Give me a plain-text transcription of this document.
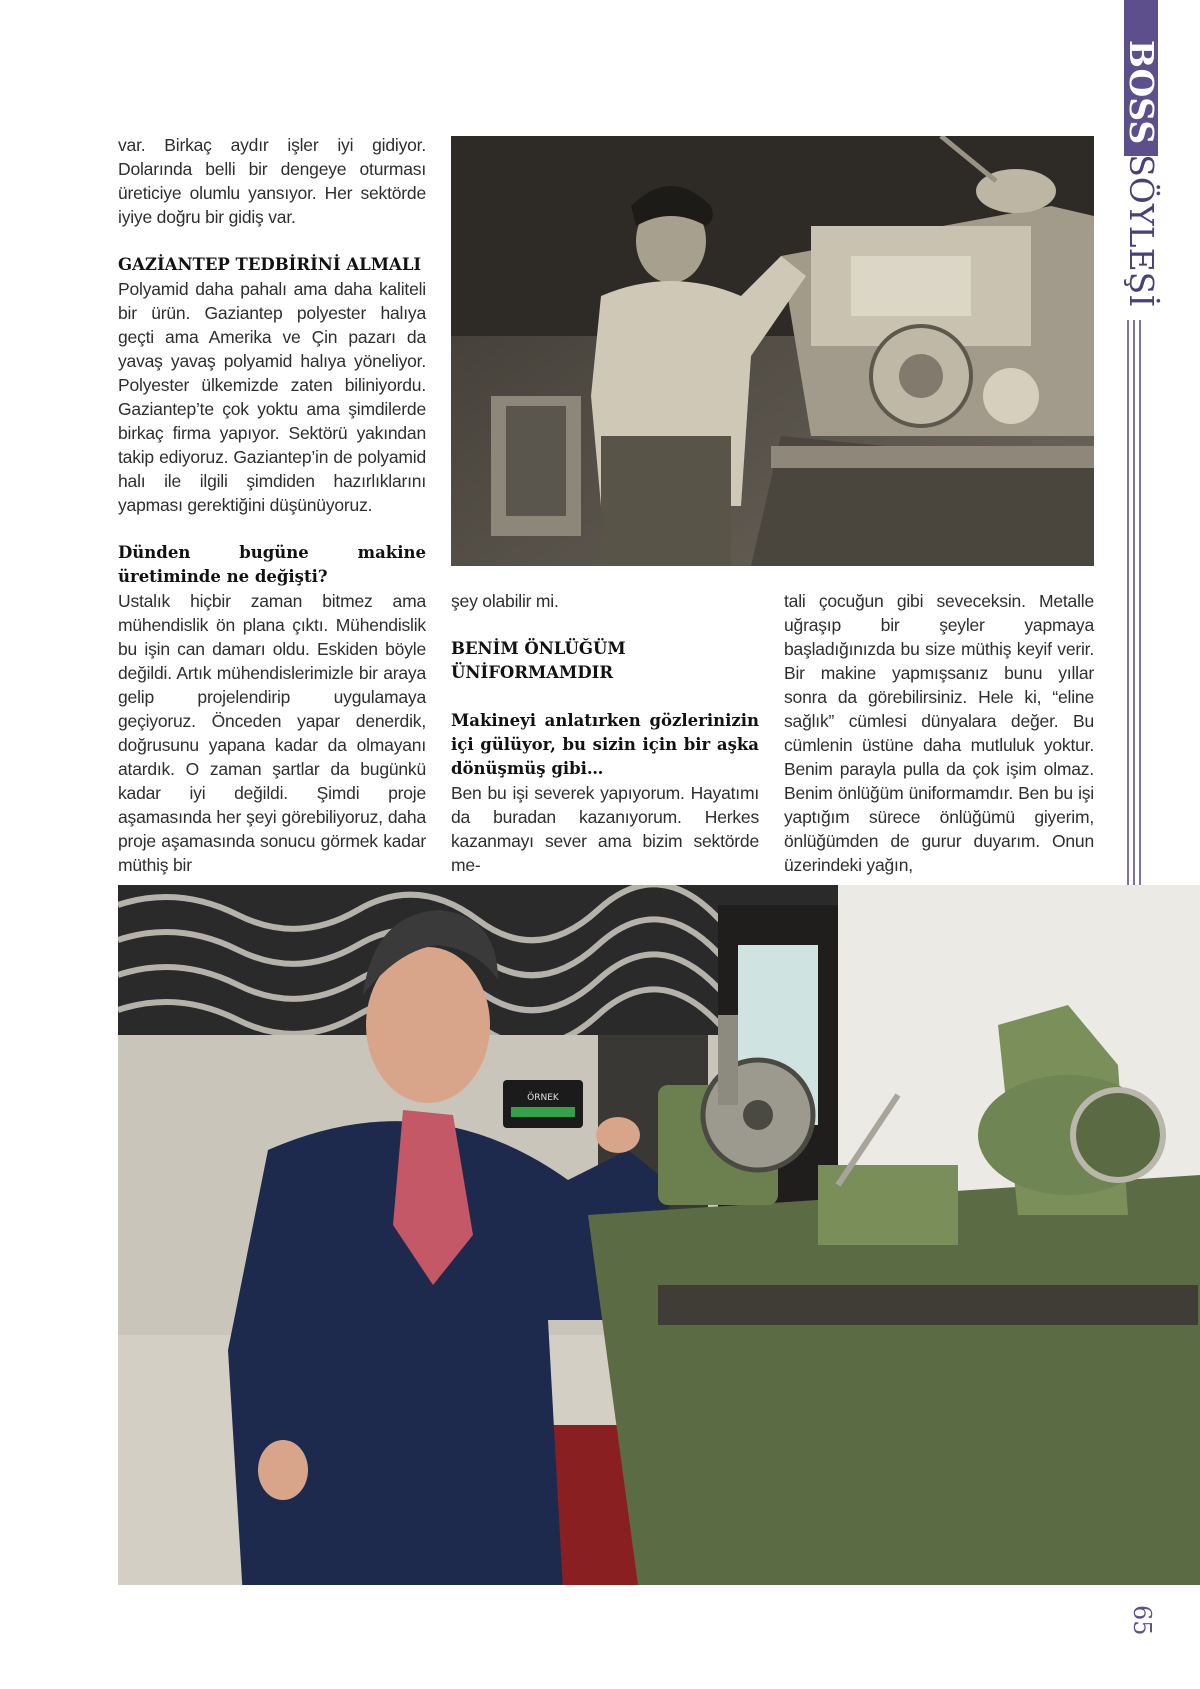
BOSSSÖYLEŞİ
65

var. Birkaç aydır işler iyi gidiyor. Dolarında belli bir dengeye oturması üreticiye olumlu yansıyor. Her sektörde iyiye doğru bir gidiş var.

GAZİANTEP TEDBİRİNİ ALMALI

Polyamid daha pahalı ama daha kaliteli bir ürün. Gaziantep polyester halıya geçti ama Amerika ve Çin pazarı da yavaş yavaş polyamid halıya yöneliyor. Polyester ülkemizde zaten biliniyordu. Gaziantep’te çok yoktu ama şimdilerde birkaç firma yapıyor. Sektörü yakından takip ediyoruz. Gaziantep’in de polyamid halı ile ilgili şimdiden hazırlıklarını yapması gerektiğini düşünüyoruz.

Dünden bugüne makine üretiminde ne değişti?

Ustalık hiçbir zaman bitmez ama mühendislik ön plana çıktı. Mühendislik bu işin can damarı oldu. Eskiden böyle değildi. Artık mühendislerimizle bir araya gelip projelendirip uygulamaya geçiyoruz. Önceden yapar denerdik, doğrusunu yapana kadar da olmayanı atardık. O zaman şartlar da bugünkü kadar iyi değildi. Şimdi proje aşamasında her şeyi görebiliyoruz, daha proje aşamasında sonucu görmek kadar müthiş bir

şey olabilir mi.

BENİM ÖNLÜĞÜM ÜNİFORMAMDIR

Makineyi anlatırken gözlerinizin içi gülüyor, bu sizin için bir aşka dönüşmüş gibi…

Ben bu işi severek yapıyorum. Hayatımı da buradan kazanıyorum. Herkes kazanmayı sever ama bizim sektörde me-

tali çocuğun gibi seveceksin. Metalle uğraşıp bir şeyler yapmaya başladığınızda bu size müthiş keyif verir. Bir makine yapmışsanız bunu yıllar sonra da görebilirsiniz. Hele ki, “eline sağlık” cümlesi dünyalara değer. Bu cümlenin üstüne daha mutluluk yoktur. Benim parayla pulla da çok işim olmaz. Benim önlüğüm üniformamdır. Ben bu işi yaptığım sürece önlüğümü giyerim, önlüğümden de gurur duyarım. Onun üzerindeki yağın,

ÖRNEK
